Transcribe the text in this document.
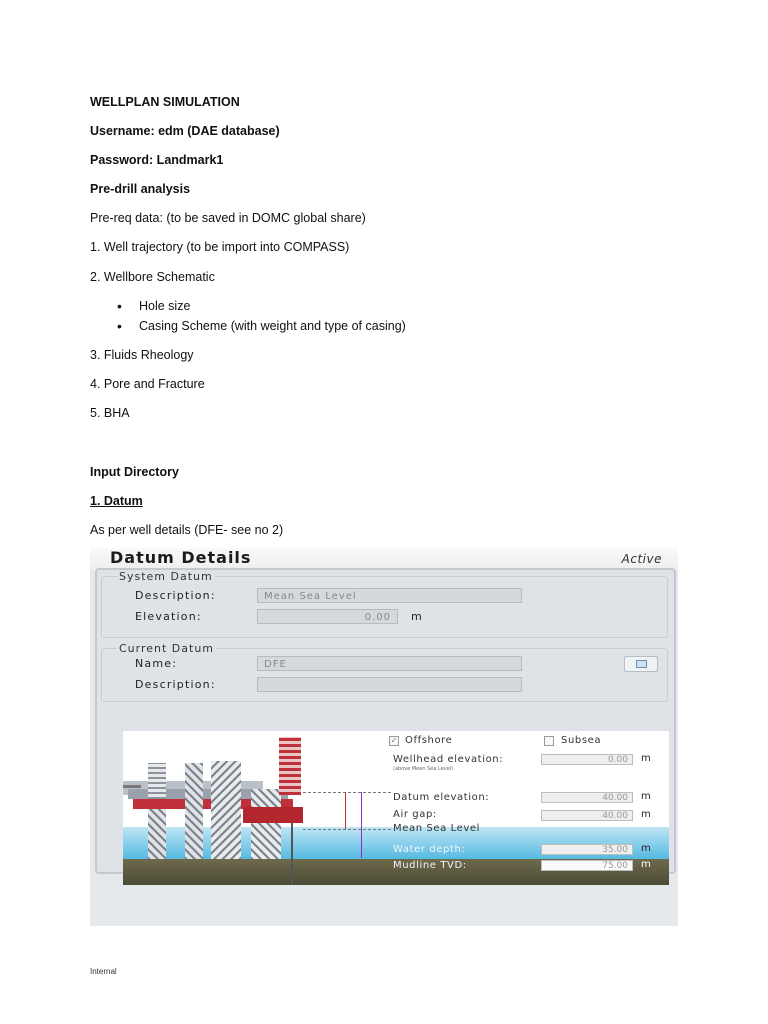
WELLPLAN SIMULATION
Username: edm (DAE database)
Password: Landmark1
Pre-drill analysis
Pre-req data: (to be saved in DOMC global share)
1. Well trajectory (to be import into COMPASS)
2. Wellbore Schematic
• Hole size
• Casing Scheme (with weight and type of casing)
3. Fluids Rheology
4. Pore and Fracture
5. BHA
Input Directory
1. Datum
As per well details (DFE- see no 2)
Datum Details	Active
System Datum
Description:	Mean Sea Level
Elevation:	0.00	m
Current Datum
Name:	DFE
Description:
✓ Offshore	Subsea
Wellhead elevation:
(above Mean Sea Level)
0.00	m
Datum elevation:	40.00	m
Air gap:	40.00	m
Mean Sea Level
Water depth:	35.00	m
Mudline TVD:	75.00	m
Internal
